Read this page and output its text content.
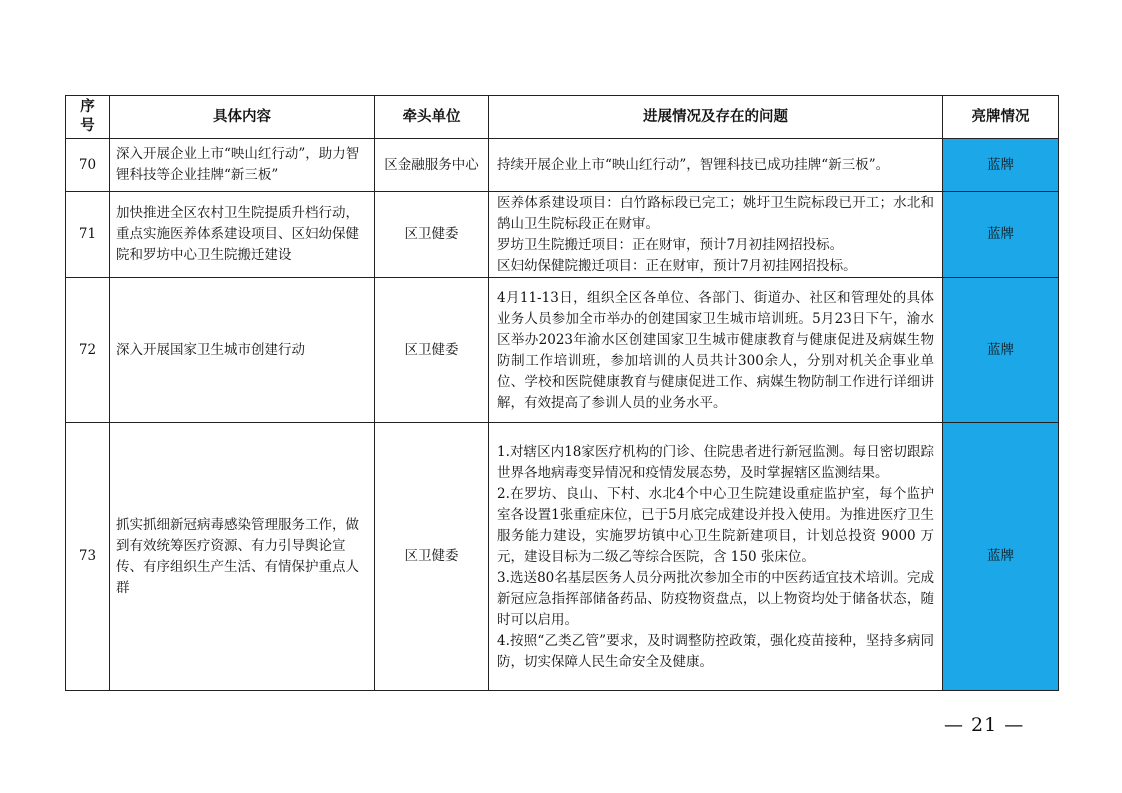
序号	具体内容	牵头单位	进展情况及存在的问题	亮牌情况
70	深入开展企业上市“映山红行动”，助力智锂科技等企业挂牌“新三板”	区金融服务中心	持续开展企业上市“映山红行动”，智锂科技已成功挂牌“新三板”。	蓝牌
71	加快推进全区农村卫生院提质升档行动，重点实施医养体系建设项目、区妇幼保健院和罗坊中心卫生院搬迁建设	区卫健委	医养体系建设项目：白竹路标段已完工；姚圩卫生院标段已开工；水北和鹄山卫生院标段正在财审。
罗坊卫生院搬迁项目：正在财审，预计7月初挂网招投标。
区妇幼保健院搬迁项目：正在财审，预计7月初挂网招投标。	蓝牌
72	深入开展国家卫生城市创建行动	区卫健委	4月11-13日，组织全区各单位、各部门、街道办、社区和管理处的具体业务人员参加全市举办的创建国家卫生城市培训班。5月23日下午，渝水区举办2023年渝水区创建国家卫生城市健康教育与健康促进及病媒生物防制工作培训班，参加培训的人员共计300余人，分别对机关企事业单位、学校和医院健康教育与健康促进工作、病媒生物防制工作进行详细讲解，有效提高了参训人员的业务水平。	蓝牌
73	抓实抓细新冠病毒感染管理服务工作，做到有效统筹医疗资源、有力引导舆论宣传、有序组织生产生活、有情保护重点人群	区卫健委	1.对辖区内18家医疗机构的门诊、住院患者进行新冠监测。每日密切跟踪世界各地病毒变异情况和疫情发展态势，及时掌握辖区监测结果。
2.在罗坊、良山、下村、水北4个中心卫生院建设重症监护室，每个监护室各设置1张重症床位，已于5月底完成建设并投入使用。为推进医疗卫生服务能力建设，实施罗坊镇中心卫生院新建项目，计划总投资 9000 万元，建设目标为二级乙等综合医院，含 150 张床位。
3.选送80名基层医务人员分两批次参加全市的中医药适宜技术培训。完成新冠应急指挥部储备药品、防疫物资盘点，以上物资均处于储备状态，随时可以启用。
4.按照“乙类乙管”要求，及时调整防控政策，强化疫苗接种，坚持多病同防，切实保障人民生命安全及健康。	蓝牌
— 21 —
